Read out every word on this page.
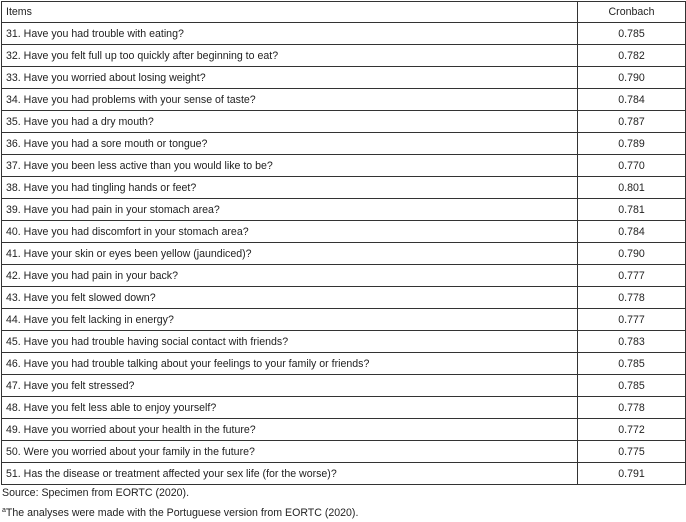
Items	Cronbach
31. Have you had trouble with eating?	0.785
32. Have you felt full up too quickly after beginning to eat?	0.782
33. Have you worried about losing weight?	0.790
34. Have you had problems with your sense of taste?	0.784
35. Have you had a dry mouth?	0.787
36. Have you had a sore mouth or tongue?	0.789
37. Have you been less active than you would like to be?	0.770
38. Have you had tingling hands or feet?	0.801
39. Have you had pain in your stomach area?	0.781
40. Have you had discomfort in your stomach area?	0.784
41. Have your skin or eyes been yellow (jaundiced)?	0.790
42. Have you had pain in your back?	0.777
43. Have you felt slowed down?	0.778
44. Have you felt lacking in energy?	0.777
45. Have you had trouble having social contact with friends?	0.783
46. Have you had trouble talking about your feelings to your family or friends?	0.785
47. Have you felt stressed?	0.785
48. Have you felt less able to enjoy yourself?	0.778
49. Have you worried about your health in the future?	0.772
50. Were you worried about your family in the future?	0.775
51. Has the disease or treatment affected your sex life (for the worse)?	0.791
Source: Specimen from EORTC (2020).
$^a$The analyses were made with the Portuguese version from EORTC (2020).
